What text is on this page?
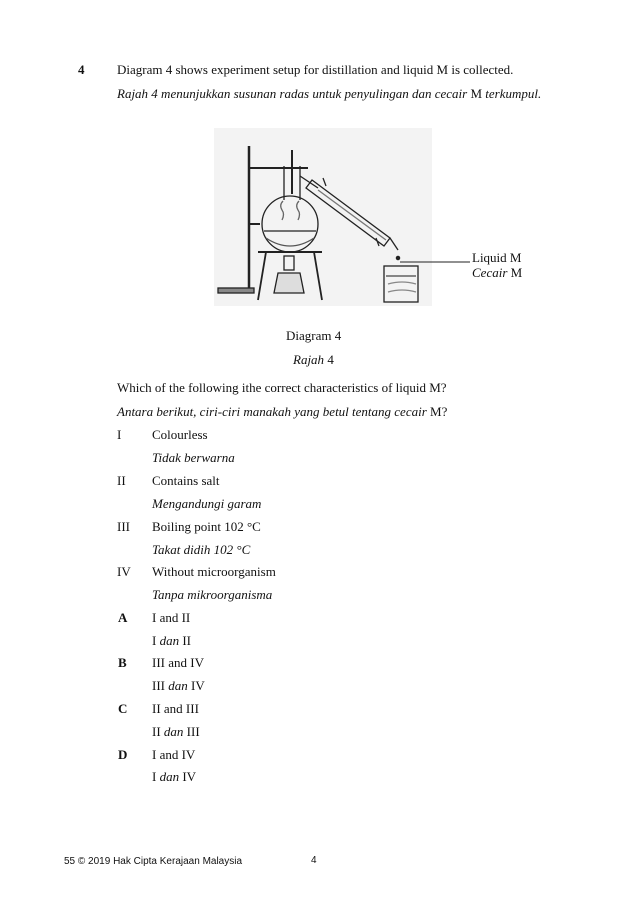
4	Diagram 4 shows experiment setup for distillation and liquid M is collected.
Rajah 4 menunjukkan susunan radas untuk penyulingan dan cecair M terkumpul.
Liquid M
Cecair M
Diagram 4
Rajah 4
Which of the following ithe correct characteristics of liquid M?
Antara berikut, ciri-ciri manakah yang betul tentang cecair M?
I Colourless
Tidak berwarna
II Contains salt
Mengandungi garam
III Boiling point 102 °C
Takat didih 102 °C
IV Without microorganism
Tanpa mikroorganisma
A I and II
I dan II
B III and IV
III dan IV
C II and III
II dan III
D I and IV
I dan IV
55 © 2019 Hak Cipta Kerajaan Malaysia	4
